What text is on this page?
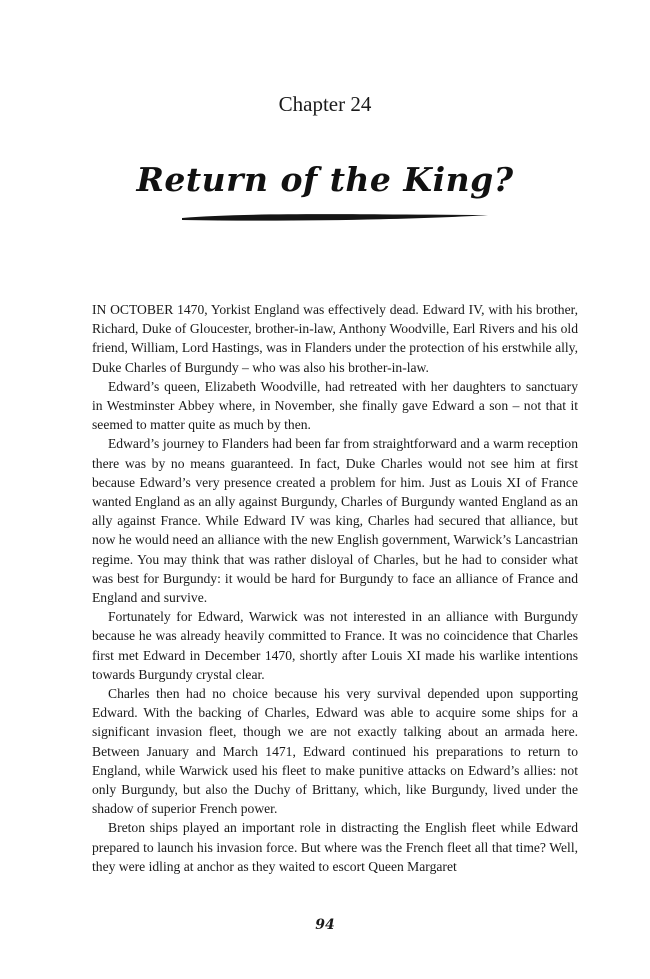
Chapter 24
Return of the King?

IN OCTOBER 1470, Yorkist England was effectively dead. Edward IV, with his brother, Richard, Duke of Gloucester, brother-in-law, Anthony Woodville, Earl Rivers and his old friend, William, Lord Hastings, was in Flanders under the protection of his erstwhile ally, Duke Charles of Burgundy – who was also his brother-in-law.

Edward’s queen, Elizabeth Woodville, had retreated with her daughters to sanctuary in Westminster Abbey where, in November, she finally gave Edward a son – not that it seemed to matter quite as much by then.

Edward’s journey to Flanders had been far from straightforward and a warm reception there was by no means guaranteed. In fact, Duke Charles would not see him at first because Edward’s very presence created a problem for him. Just as Louis XI of France wanted England as an ally against Burgundy, Charles of Burgundy wanted England as an ally against France. While Edward IV was king, Charles had secured that alliance, but now he would need an alliance with the new English government, Warwick’s Lancastrian regime. You may think that was rather disloyal of Charles, but he had to consider what was best for Burgundy: it would be hard for Burgundy to face an alliance of France and England and survive.

Fortunately for Edward, Warwick was not interested in an alliance with Burgundy because he was already heavily committed to France. It was no coincidence that Charles first met Edward in December 1470, shortly after Louis XI made his warlike intentions towards Burgundy crystal clear.

Charles then had no choice because his very survival depended upon supporting Edward. With the backing of Charles, Edward was able to acquire some ships for a significant invasion fleet, though we are not exactly talking about an armada here. Between January and March 1471, Edward continued his preparations to return to England, while Warwick used his fleet to make punitive attacks on Edward’s allies: not only Burgundy, but also the Duchy of Brittany, which, like Burgundy, lived under the shadow of superior French power.

Breton ships played an important role in distracting the English fleet while Edward prepared to launch his invasion force. But where was the French fleet all that time? Well, they were idling at anchor as they waited to escort Queen Margaret

94
